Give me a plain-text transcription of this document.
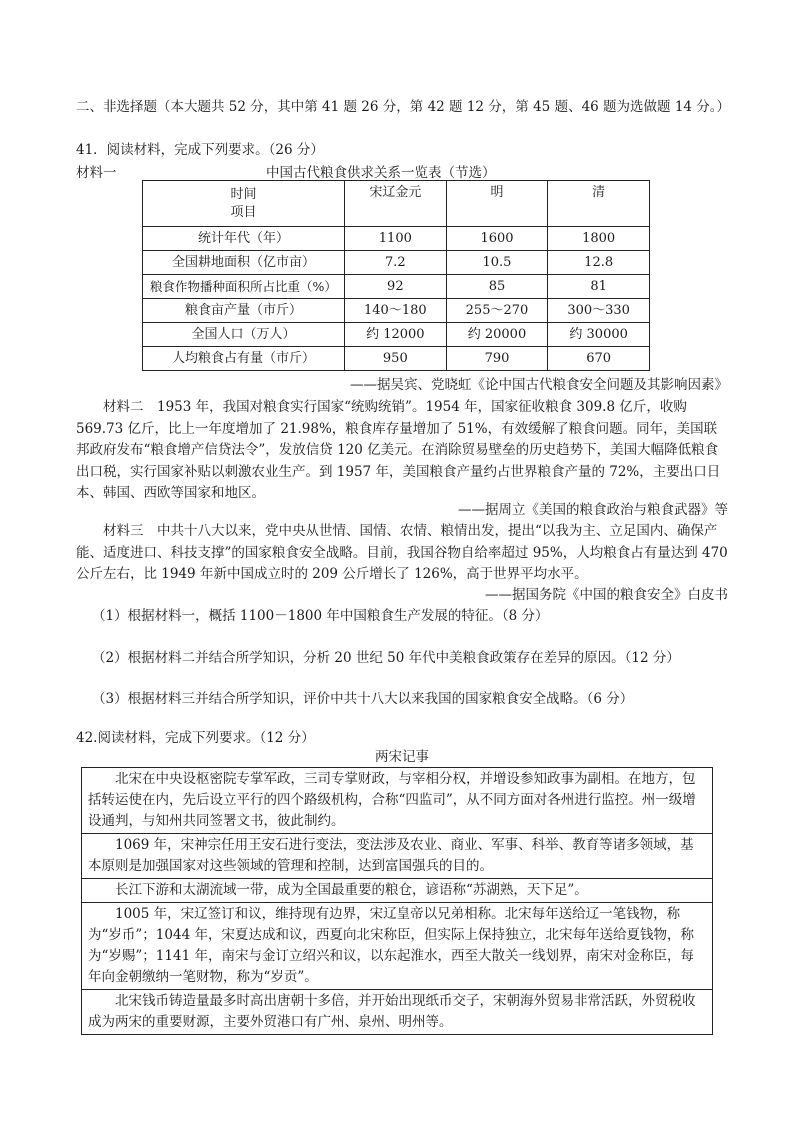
二、非选择题（本大题共 52 分，其中第 41 题 26 分，第 42 题 12 分，第 45 题、46 题为选做题 14 分。）
41．阅读材料，完成下列要求。（26 分）
材料一	中国古代粮食供求关系一览表（节选）
时间
项目	宋辽金元	明	清
统计年代（年）	1100	1600	1800
全国耕地面积（亿市亩）	7.2	10.5	12.8
粮食作物播种面积所占比重（%）	92	85	81
粮食亩产量（市斤）	140～180	255～270	300～330
全国人口（万人）	约 12000	约 20000	约 30000
人均粮食占有量（市斤）	950	790	670
——据吴宾、党晓虹《论中国古代粮食安全问题及其影响因素》
材料二　1953 年，我国对粮食实行国家“统购统销”。1954 年，国家征收粮食 309.8 亿斤，收购 569.73 亿斤，比上一年度增加了 21.98%，粮食库存量增加了 51%，有效缓解了粮食问题。同年，美国联邦政府发布“粮食增产信贷法令”，发放信贷 120 亿美元。在消除贸易壁垒的历史趋势下，美国大幅降低粮食出口税，实行国家补贴以刺激农业生产。到 1957 年，美国粮食产量约占世界粮食产量的 72%，主要出口日本、韩国、西欧等国家和地区。
——据周立《美国的粮食政治与粮食武器》等
材料三　中共十八大以来，党中央从世情、国情、农情、粮情出发，提出“以我为主、立足国内、确保产能、适度进口、科技支撑”的国家粮食安全战略。目前，我国谷物自给率超过 95%，人均粮食占有量达到 470 公斤左右，比 1949 年新中国成立时的 209 公斤增长了 126%，高于世界平均水平。
——据国务院《中国的粮食安全》白皮书
（1）根据材料一，概括 1100－1800 年中国粮食生产发展的特征。（8 分）
（2）根据材料二并结合所学知识，分析 20 世纪 50 年代中美粮食政策存在差异的原因。（12 分）
（3）根据材料三并结合所学知识，评价中共十八大以来我国的国家粮食安全战略。（6 分）
42.阅读材料，完成下列要求。（12 分）
两宋记事
北宋在中央设枢密院专掌军政，三司专掌财政，与宰相分权，并增设参知政事为副相。在地方，包括转运使在内，先后设立平行的四个路级机构，合称“四监司”，从不同方面对各州进行监控。州一级增设通判，与知州共同签署文书，彼此制约。
1069 年，宋神宗任用王安石进行变法，变法涉及农业、商业、军事、科举、教育等诸多领域，基本原则是加强国家对这些领域的管理和控制，达到富国强兵的目的。
长江下游和太湖流域一带，成为全国最重要的粮仓，谚语称“苏湖熟，天下足”。
1005 年，宋辽签订和议，维持现有边界，宋辽皇帝以兄弟相称。北宋每年送给辽一笔钱物，称为“岁币”；1044 年，宋夏达成和议，西夏向北宋称臣，但实际上保持独立，北宋每年送给夏钱物，称为“岁赐”；1141 年，南宋与金订立绍兴和议，以东起淮水，西至大散关一线划界，南宋对金称臣，每年向金朝缴纳一笔财物，称为“岁贡”。
北宋钱币铸造量最多时高出唐朝十多倍，并开始出现纸币交子，宋朝海外贸易非常活跃，外贸税收成为两宋的重要财源，主要外贸港口有广州、泉州、明州等。
